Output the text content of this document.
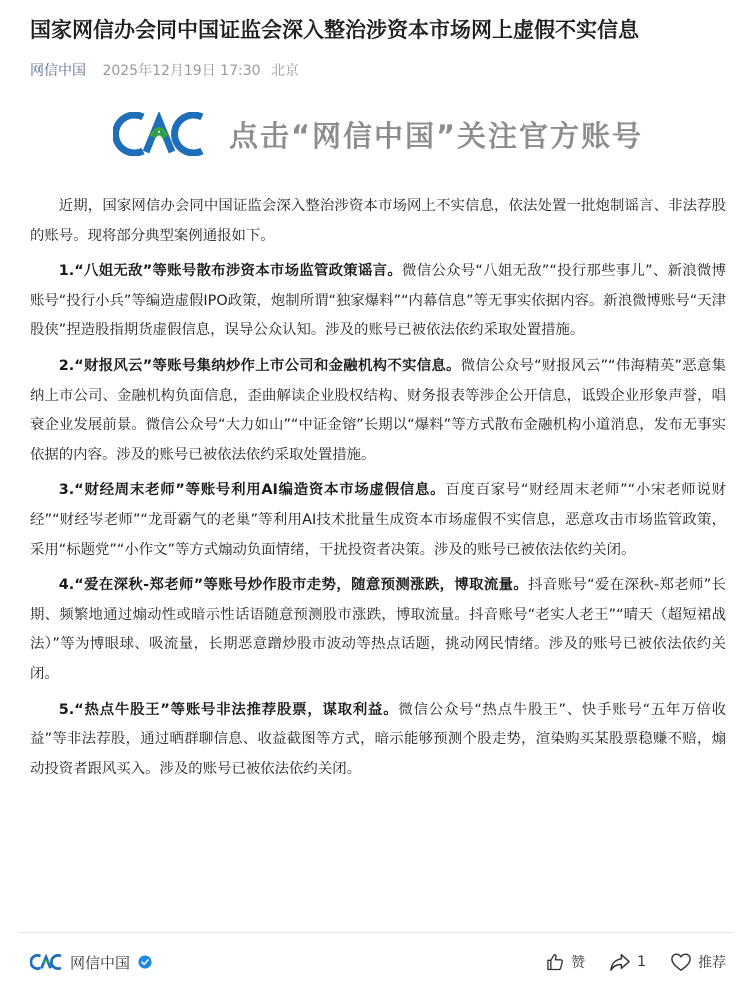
国家网信办会同中国证监会深入整治涉资本市场网上虚假不实信息
网信中国 2025年12月19日 17:30 北京
点击“网信中国”关注官方账号

近期，国家网信办会同中国证监会深入整治涉资本市场网上不实信息，依法处置一批炮制谣言、非法荐股的账号。现将部分典型案例通报如下。

1.“八姐无敌”等账号散布涉资本市场监管政策谣言。微信公众号“八姐无敌”“投行那些事儿”、新浪微博账号“投行小兵”等编造虚假IPO政策，炮制所谓“独家爆料”“内幕信息”等无事实依据内容。新浪微博账号“天津股侠”捏造股指期货虚假信息，误导公众认知。涉及的账号已被依法依约采取处置措施。

2.“财报风云”等账号集纳炒作上市公司和金融机构不实信息。微信公众号“财报风云”“伟海精英”恶意集纳上市公司、金融机构负面信息，歪曲解读企业股权结构、财务报表等涉企公开信息，诋毁企业形象声誉，唱衰企业发展前景。微信公众号“大力如山”“中证金镕”长期以“爆料”等方式散布金融机构小道消息，发布无事实依据的内容。涉及的账号已被依法依约采取处置措施。

3.“财经周末老师”等账号利用AI编造资本市场虚假信息。百度百家号“财经周末老师”“小宋老师说财经”“财经岑老师”“龙哥霸气的老巢”等利用AI技术批量生成资本市场虚假不实信息，恶意攻击市场监管政策，采用“标题党”“小作文”等方式煽动负面情绪，干扰投资者决策。涉及的账号已被依法依约关闭。

4.“爱在深秋-郑老师”等账号炒作股市走势，随意预测涨跌，博取流量。抖音账号“爱在深秋-郑老师”长期、频繁地通过煽动性或暗示性话语随意预测股市涨跌，博取流量。抖音账号“老实人老王”“晴天（超短裙战法）”等为博眼球、吸流量，长期恶意蹭炒股市波动等热点话题，挑动网民情绪。涉及的账号已被依法依约关闭。

5.“热点牛股王”等账号非法推荐股票，谋取利益。微信公众号“热点牛股王”、快手账号“五年万倍收益”等非法荐股，通过晒群聊信息、收益截图等方式，暗示能够预测个股走势，渲染购买某股票稳赚不赔，煽动投资者跟风买入。涉及的账号已被依法依约关闭。

网信中国	赞	1	推荐
